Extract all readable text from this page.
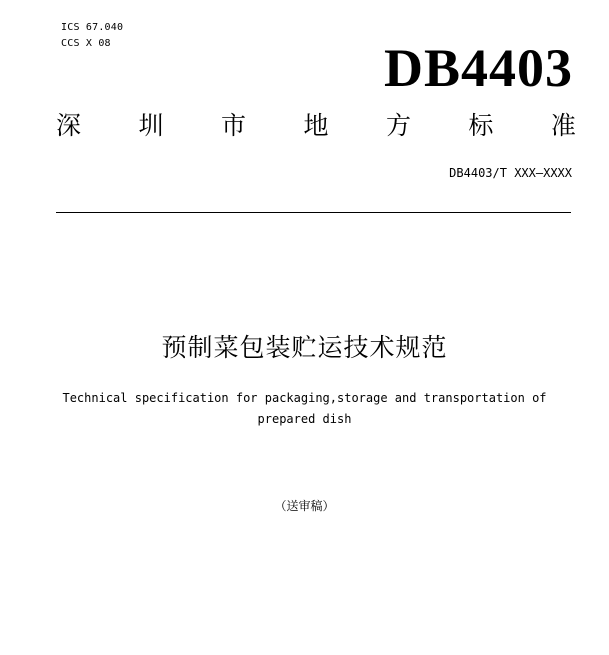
ICS 67.040
CCS X 08	DB4403
深 圳 市 地 方 标 准
DB4403/T XXX—XXXX
预制菜包装贮运技术规范
Technical specification for packaging,storage and transportation of prepared dish
（送审稿）
